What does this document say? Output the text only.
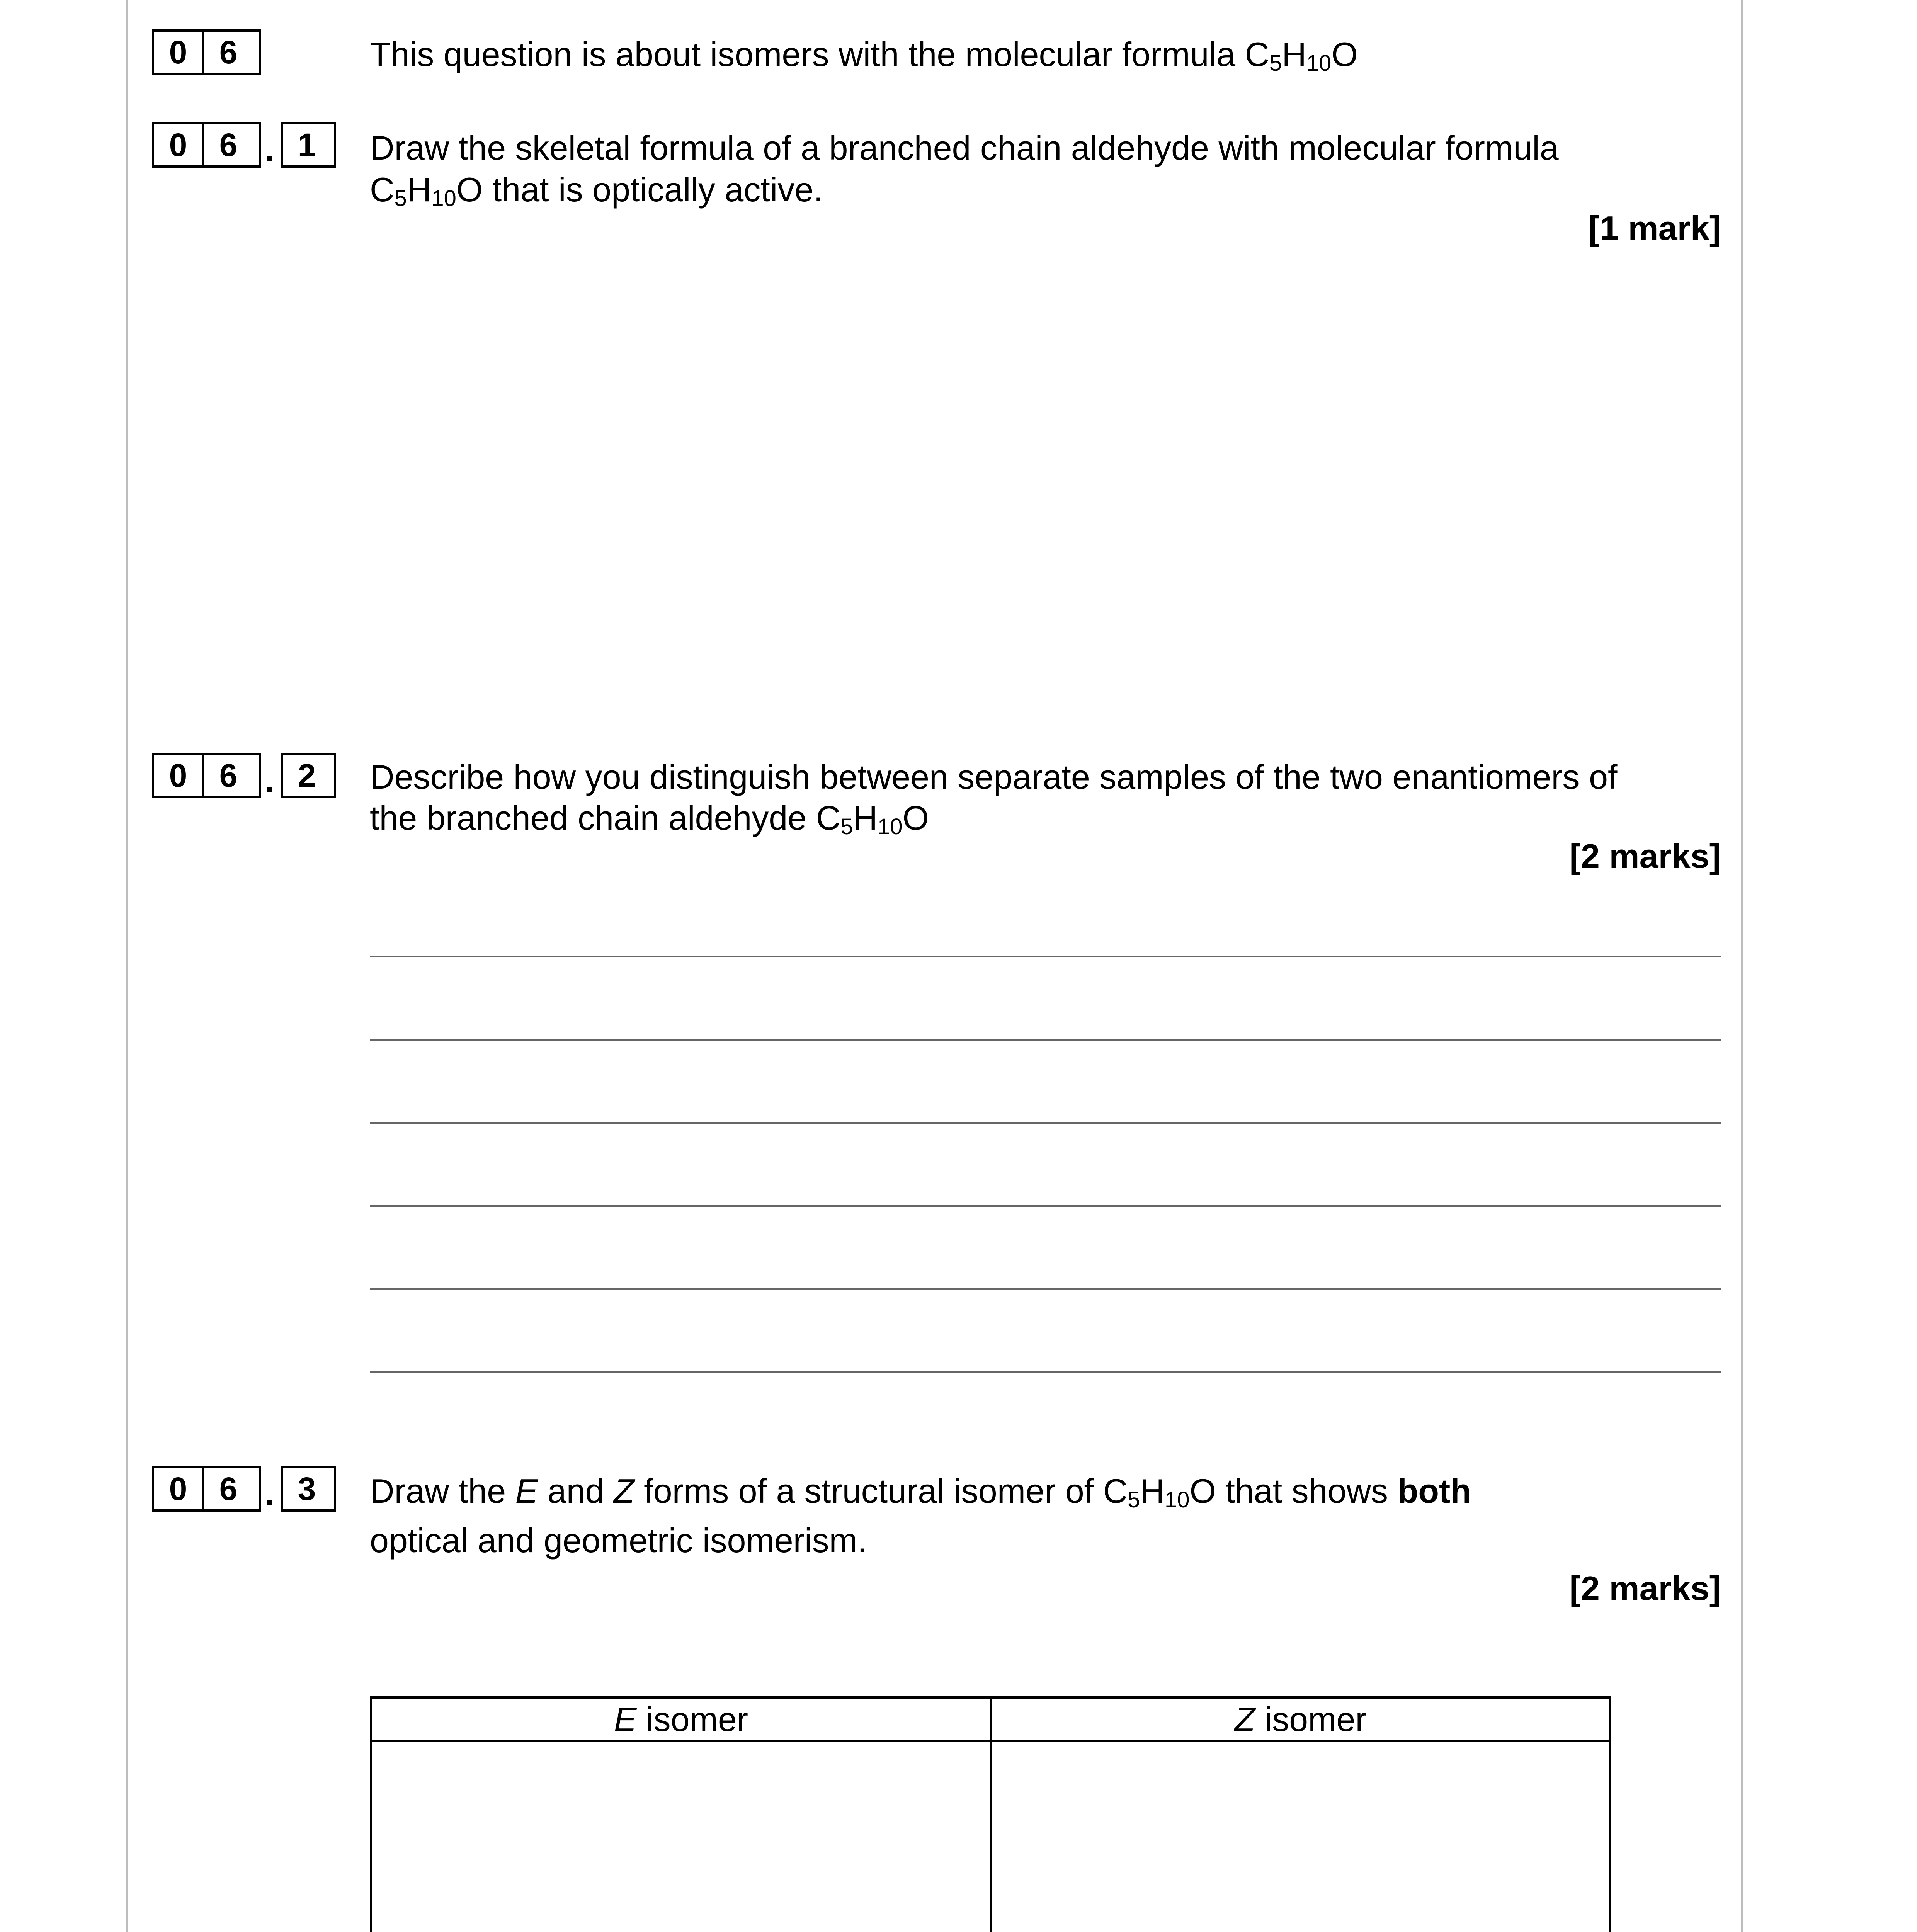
0 6	This question is about isomers with the molecular formula $C_5H_{10}O$
0 6 . 1	Draw the skeletal formula of a branched chain aldehyde with molecular formula
$C_5H_{10}O$ that is optically active.
[1 mark]
0 6 . 2	Describe how you distinguish between separate samples of the two enantiomers of
the branched chain aldehyde $C_5H_{10}O$
[2 marks]
0 6 . 3	Draw the E and Z forms of a structural isomer of $C_5H_{10}O$ that shows both
optical and geometric isomerism.
[2 marks]
E isomer	Z isomer
